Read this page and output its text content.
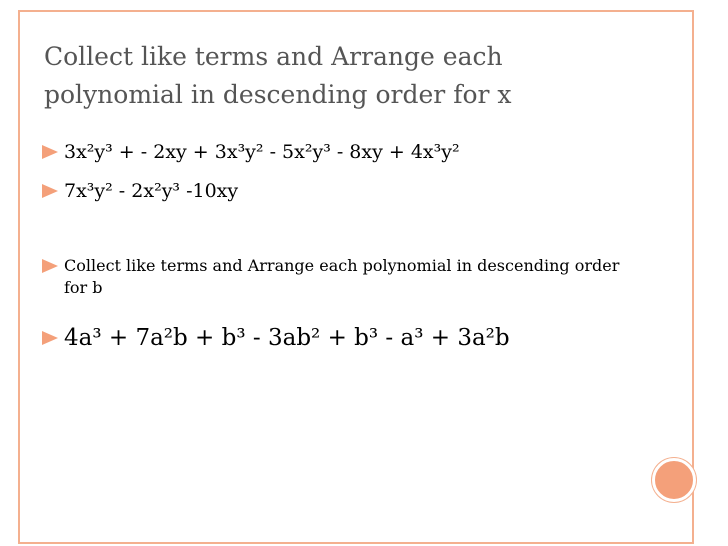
Collect like terms and Arrange each
polynomial in descending order for x
3x²y³ + - 2xy + 3x³y² - 5x²y³ - 8xy + 4x³y²
7x³y² - 2x²y³ -10xy
Collect like terms and Arrange each polynomial in descending order for b
4a³ + 7a²b + b³ - 3ab² + b³ - a³ + 3a²b
